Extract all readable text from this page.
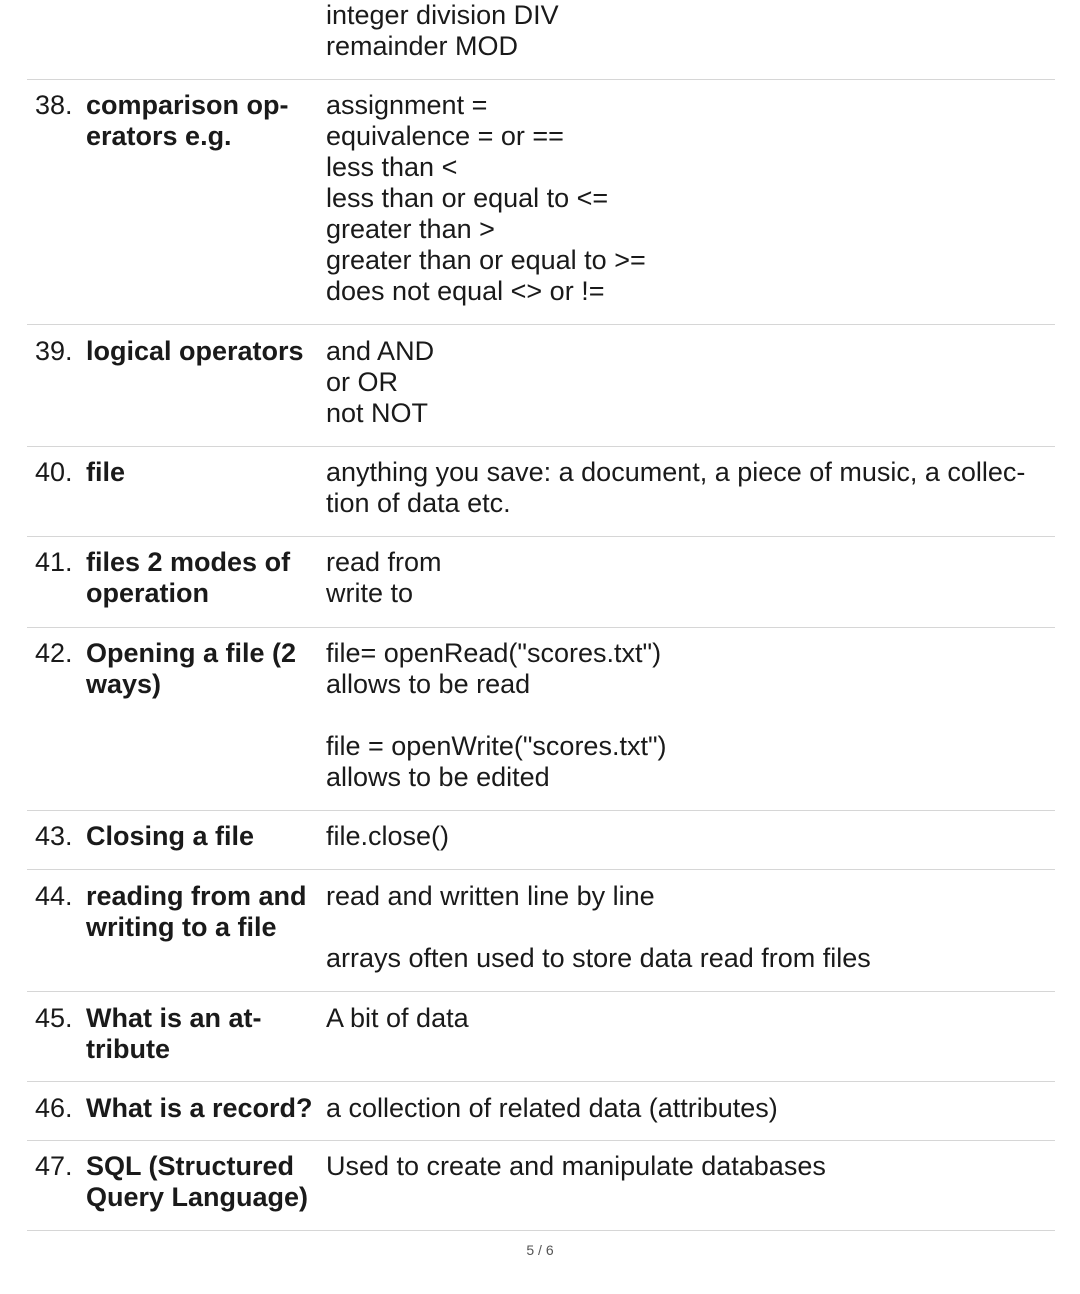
integer division DIV
remainder MOD
38. comparison op-
erators e.g.
assignment =
equivalence = or ==
less than <
less than or equal to <=
greater than >
greater than or equal to >=
does not equal <> or !=
39. logical operators and AND
or OR
not NOT
40. file	anything you save: a document, a piece of music, a collec-
tion of data etc.
41. files 2 modes of
operation
read from
write to
42. Opening a file (2
ways)
file= openRead("scores.txt")
allows to be read
file = openWrite("scores.txt")
allows to be edited
43. Closing a file	file.close()
44. reading from and
writing to a file
read and written line by line
arrays often used to store data read from files
45. What is an at-
tribute
A bit of data
46. What is a record? a collection of related data (attributes)
47. SQL (Structured
Query Language)
Used to create and manipulate databases
5 / 6
